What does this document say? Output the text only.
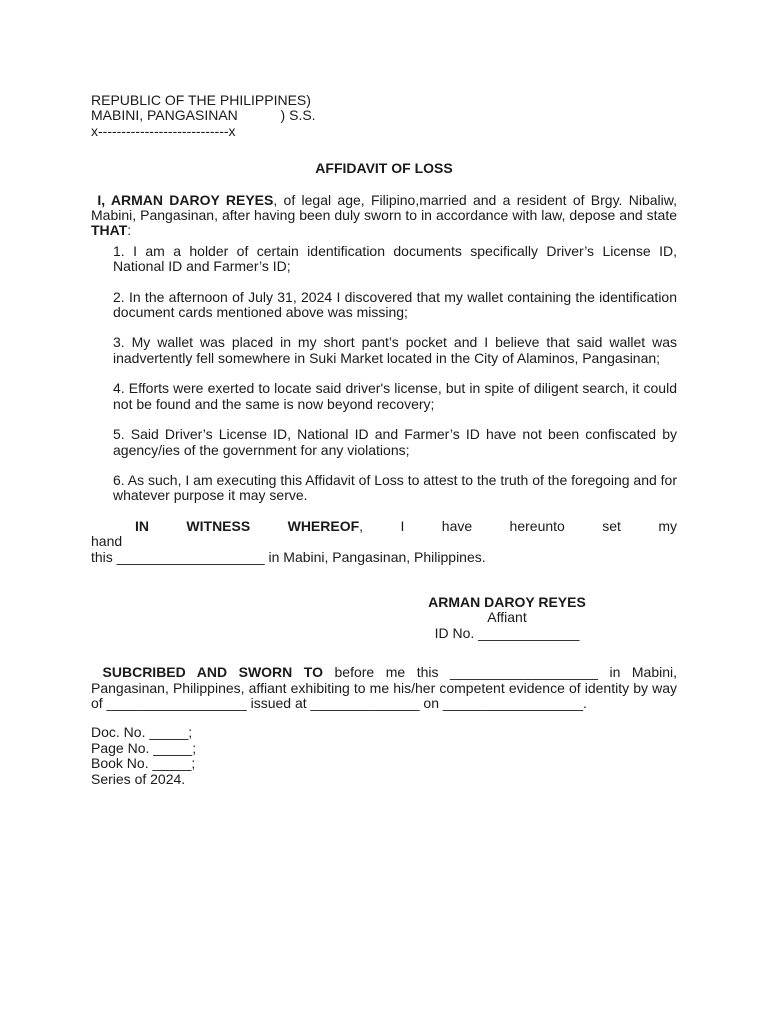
REPUBLIC OF THE PHILIPPINES)
MABINI, PANGASINAN           ) S.S.
x----------------------------x
AFFIDAVIT OF LOSS
I, ARMAN DAROY REYES, of legal age, Filipino,married and a resident of Brgy. Nibaliw, Mabini, Pangasinan, after having been duly sworn to in accordance with law, depose and state THAT:
1. I am a holder of certain identification documents specifically Driver’s License ID, National ID and Farmer’s ID;
2. In the afternoon of July 31, 2024 I discovered that my wallet containing the identification document cards mentioned above was missing;
3. My wallet was placed in my short pant’s pocket and I believe that said wallet was inadvertently fell somewhere in Suki Market located in the City of Alaminos, Pangasinan;
4. Efforts were exerted to locate said driver's license, but in spite of diligent search, it could not be found and the same is now beyond recovery;
5. Said Driver’s License ID, National ID and Farmer’s ID have not been confiscated by agency/ies of the government for any violations;
6. As such, I am executing this Affidavit of Loss to attest to the truth of the foregoing and for whatever purpose it may serve.
IN WITNESS WHEREOF, I have hereunto set my hand
this ___________________ in Mabini, Pangasinan, Philippines.
ARMAN DAROY REYES
Affiant
ID No. _____________
SUBCRIBED AND SWORN TO before me this ___________________ in Mabini, Pangasinan, Philippines, affiant exhibiting to me his/her competent evidence of identity by way of __________________ issued at ______________ on __________________.
Doc. No. _____;
Page No. _____;
Book No. _____;
Series of 2024.
